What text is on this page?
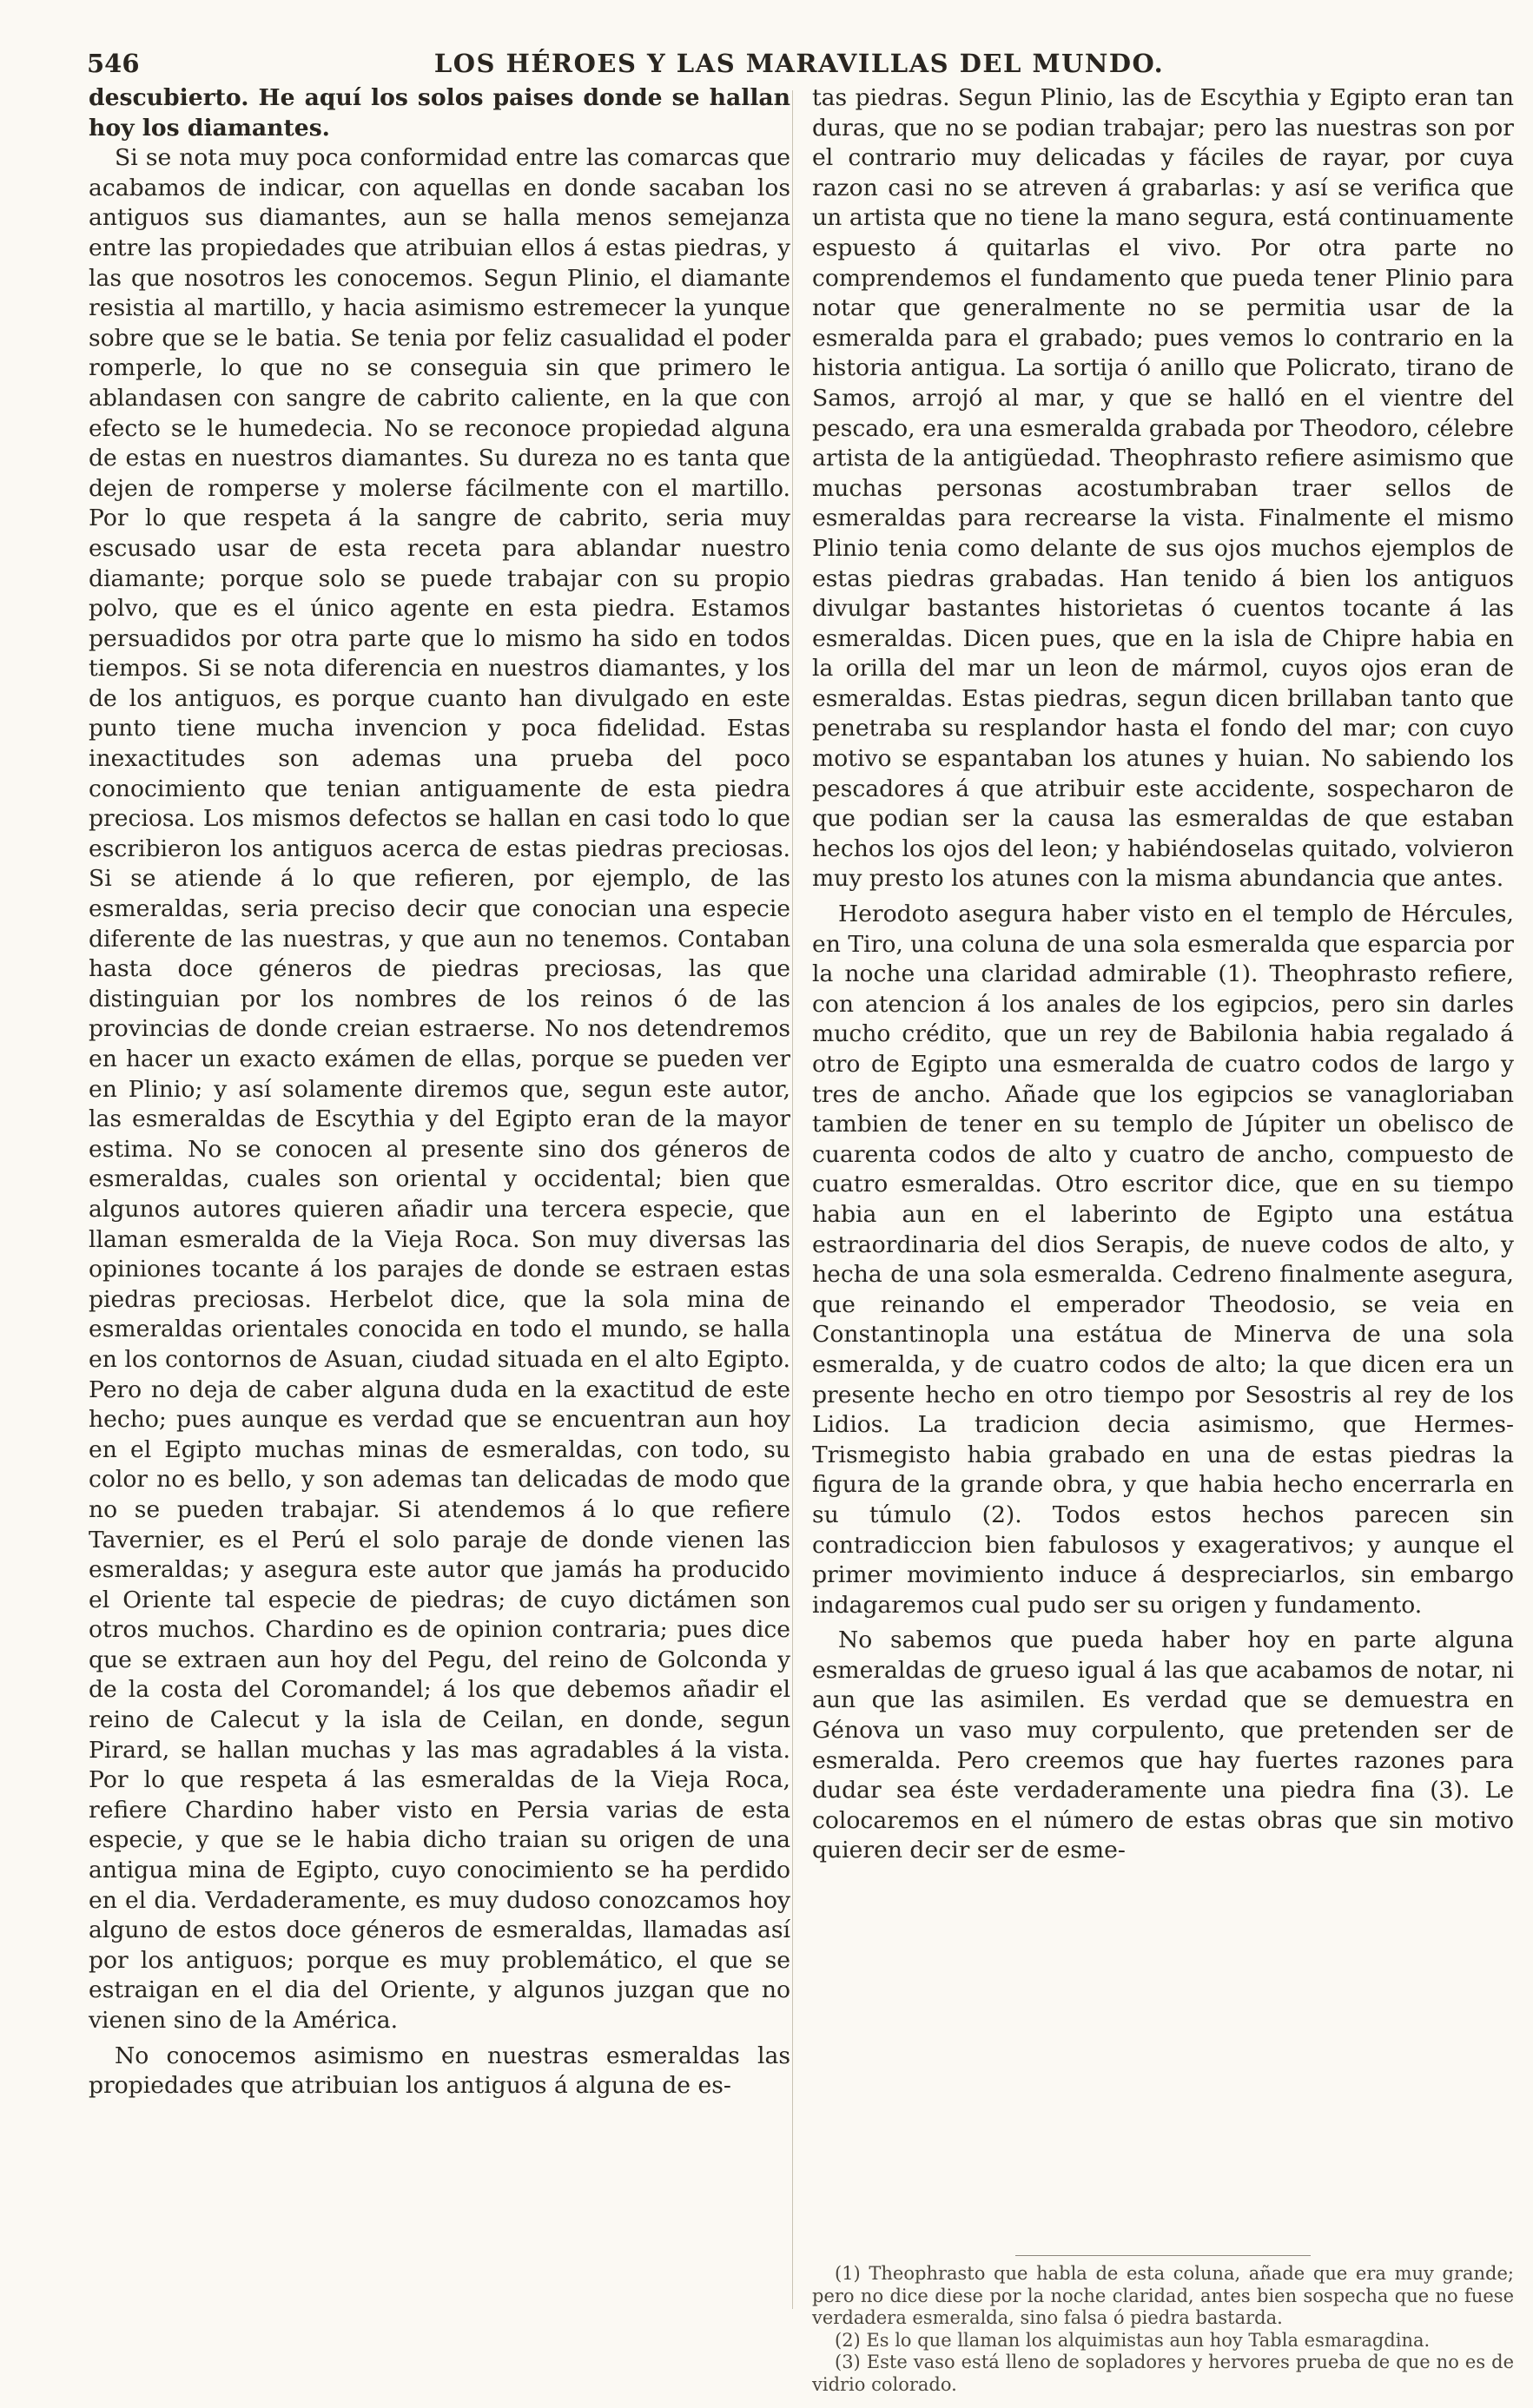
546	LOS HÉROES Y LAS MARAVILLAS DEL MUNDO.

descubierto. He aquí los solos paises donde se hallan hoy los diamantes.

Si se nota muy poca conformidad entre las comarcas que acabamos de indicar, con aquellas en donde sacaban los antiguos sus diamantes, aun se halla menos semejanza entre las propiedades que atribuian ellos á estas piedras, y las que nosotros les conocemos. Segun Plinio, el diamante resistia al martillo, y hacia asimismo estremecer la yunque sobre que se le batia. Se tenia por feliz casualidad el poder romperle, lo que no se conseguia sin que primero le ablandasen con sangre de cabrito caliente, en la que con efecto se le humedecia. No se reconoce propiedad alguna de estas en nuestros diamantes. Su dureza no es tanta que dejen de romperse y molerse fácilmente con el martillo. Por lo que respeta á la sangre de cabrito, seria muy escusado usar de esta receta para ablandar nuestro diamante; porque solo se puede trabajar con su propio polvo, que es el único agente en esta piedra. Estamos persuadidos por otra parte que lo mismo ha sido en todos tiempos. Si se nota diferencia en nuestros diamantes, y los de los antiguos, es porque cuanto han divulgado en este punto tiene mucha invencion y poca fidelidad. Estas inexactitudes son ademas una prueba del poco conocimiento que tenian antiguamente de esta piedra preciosa. Los mismos defectos se hallan en casi todo lo que escribieron los antiguos acerca de estas piedras preciosas. Si se atiende á lo que refieren, por ejemplo, de las esmeraldas, seria preciso decir que conocian una especie diferente de las nuestras, y que aun no tenemos. Contaban hasta doce géneros de piedras preciosas, las que distinguian por los nombres de los reinos ó de las provincias de donde creian estraerse. No nos detendremos en hacer un exacto exámen de ellas, porque se pueden ver en Plinio; y así solamente diremos que, segun este autor, las esmeraldas de Escythia y del Egipto eran de la mayor estima. No se conocen al presente sino dos géneros de esmeraldas, cuales son oriental y occidental; bien que algunos autores quieren añadir una tercera especie, que llaman esmeralda de la Vieja Roca. Son muy diversas las opiniones tocante á los parajes de donde se estraen estas piedras preciosas. Herbelot dice, que la sola mina de esmeraldas orientales conocida en todo el mundo, se halla en los contornos de Asuan, ciudad situada en el alto Egipto. Pero no deja de caber alguna duda en la exactitud de este hecho; pues aunque es verdad que se encuentran aun hoy en el Egipto muchas minas de esmeraldas, con todo, su color no es bello, y son ademas tan delicadas de modo que no se pueden trabajar. Si atendemos á lo que refiere Tavernier, es el Perú el solo paraje de donde vienen las esmeraldas; y asegura este autor que jamás ha producido el Oriente tal especie de piedras; de cuyo dictámen son otros muchos. Chardino es de opinion contraria; pues dice que se extraen aun hoy del Pegu, del reino de Golconda y de la costa del Coromandel; á los que debemos añadir el reino de Calecut y la isla de Ceilan, en donde, segun Pirard, se hallan muchas y las mas agradables á la vista. Por lo que respeta á las esmeraldas de la Vieja Roca, refiere Chardino haber visto en Persia varias de esta especie, y que se le habia dicho traian su origen de una antigua mina de Egipto, cuyo conocimiento se ha perdido en el dia. Verdaderamente, es muy dudoso conozcamos hoy alguno de estos doce géneros de esmeraldas, llamadas así por los antiguos; porque es muy problemático, el que se estraigan en el dia del Oriente, y algunos juzgan que no vienen sino de la América.

No conocemos asimismo en nuestras esmeraldas las propiedades que atribuian los antiguos á alguna de es-

tas piedras. Segun Plinio, las de Escythia y Egipto eran tan duras, que no se podian trabajar; pero las nuestras son por el contrario muy delicadas y fáciles de rayar, por cuya razon casi no se atreven á grabarlas: y así se verifica que un artista que no tiene la mano segura, está continuamente espuesto á quitarlas el vivo. Por otra parte no comprendemos el fundamento que pueda tener Plinio para notar que generalmente no se permitia usar de la esmeralda para el grabado; pues vemos lo contrario en la historia antigua. La sortija ó anillo que Policrato, tirano de Samos, arrojó al mar, y que se halló en el vientre del pescado, era una esmeralda grabada por Theodoro, célebre artista de la antigüedad. Theophrasto refiere asimismo que muchas personas acostumbraban traer sellos de esmeraldas para recrearse la vista. Finalmente el mismo Plinio tenia como delante de sus ojos muchos ejemplos de estas piedras grabadas. Han tenido á bien los antiguos divulgar bastantes historietas ó cuentos tocante á las esmeraldas. Dicen pues, que en la isla de Chipre habia en la orilla del mar un leon de mármol, cuyos ojos eran de esmeraldas. Estas piedras, segun dicen brillaban tanto que penetraba su resplandor hasta el fondo del mar; con cuyo motivo se espantaban los atunes y huian. No sabiendo los pescadores á que atribuir este accidente, sospecharon de que podian ser la causa las esmeraldas de que estaban hechos los ojos del leon; y habiéndoselas quitado, volvieron muy presto los atunes con la misma abundancia que antes.

Herodoto asegura haber visto en el templo de Hércules, en Tiro, una coluna de una sola esmeralda que esparcia por la noche una claridad admirable (1). Theophrasto refiere, con atencion á los anales de los egipcios, pero sin darles mucho crédito, que un rey de Babilonia habia regalado á otro de Egipto una esmeralda de cuatro codos de largo y tres de ancho. Añade que los egipcios se vanagloriaban tambien de tener en su templo de Júpiter un obelisco de cuarenta codos de alto y cuatro de ancho, compuesto de cuatro esmeraldas. Otro escritor dice, que en su tiempo habia aun en el laberinto de Egipto una estátua estraordinaria del dios Serapis, de nueve codos de alto, y hecha de una sola esmeralda. Cedreno finalmente asegura, que reinando el emperador Theodosio, se veia en Constantinopla una estátua de Minerva de una sola esmeralda, y de cuatro codos de alto; la que dicen era un presente hecho en otro tiempo por Sesostris al rey de los Lidios. La tradicion decia asimismo, que Hermes-Trismegisto habia grabado en una de estas piedras la figura de la grande obra, y que habia hecho encerrarla en su túmulo (2). Todos estos hechos parecen sin contradiccion bien fabulosos y exagerativos; y aunque el primer movimiento induce á despreciarlos, sin embargo indagaremos cual pudo ser su origen y fundamento.

No sabemos que pueda haber hoy en parte alguna esmeraldas de grueso igual á las que acabamos de notar, ni aun que las asimilen. Es verdad que se demuestra en Génova un vaso muy corpulento, que pretenden ser de esmeralda. Pero creemos que hay fuertes razones para dudar sea éste verdaderamente una piedra fina (3). Le colocaremos en el número de estas obras que sin motivo quieren decir ser de esme-

(1) Theophrasto que habla de esta coluna, añade que era muy grande; pero no dice diese por la noche claridad, antes bien sospecha que no fuese verdadera esmeralda, sino falsa ó piedra bastarda.

(2) Es lo que llaman los alquimistas aun hoy Tabla esmaragdina.

(3) Este vaso está lleno de sopladores y hervores prueba de que no es de vidrio colorado.
